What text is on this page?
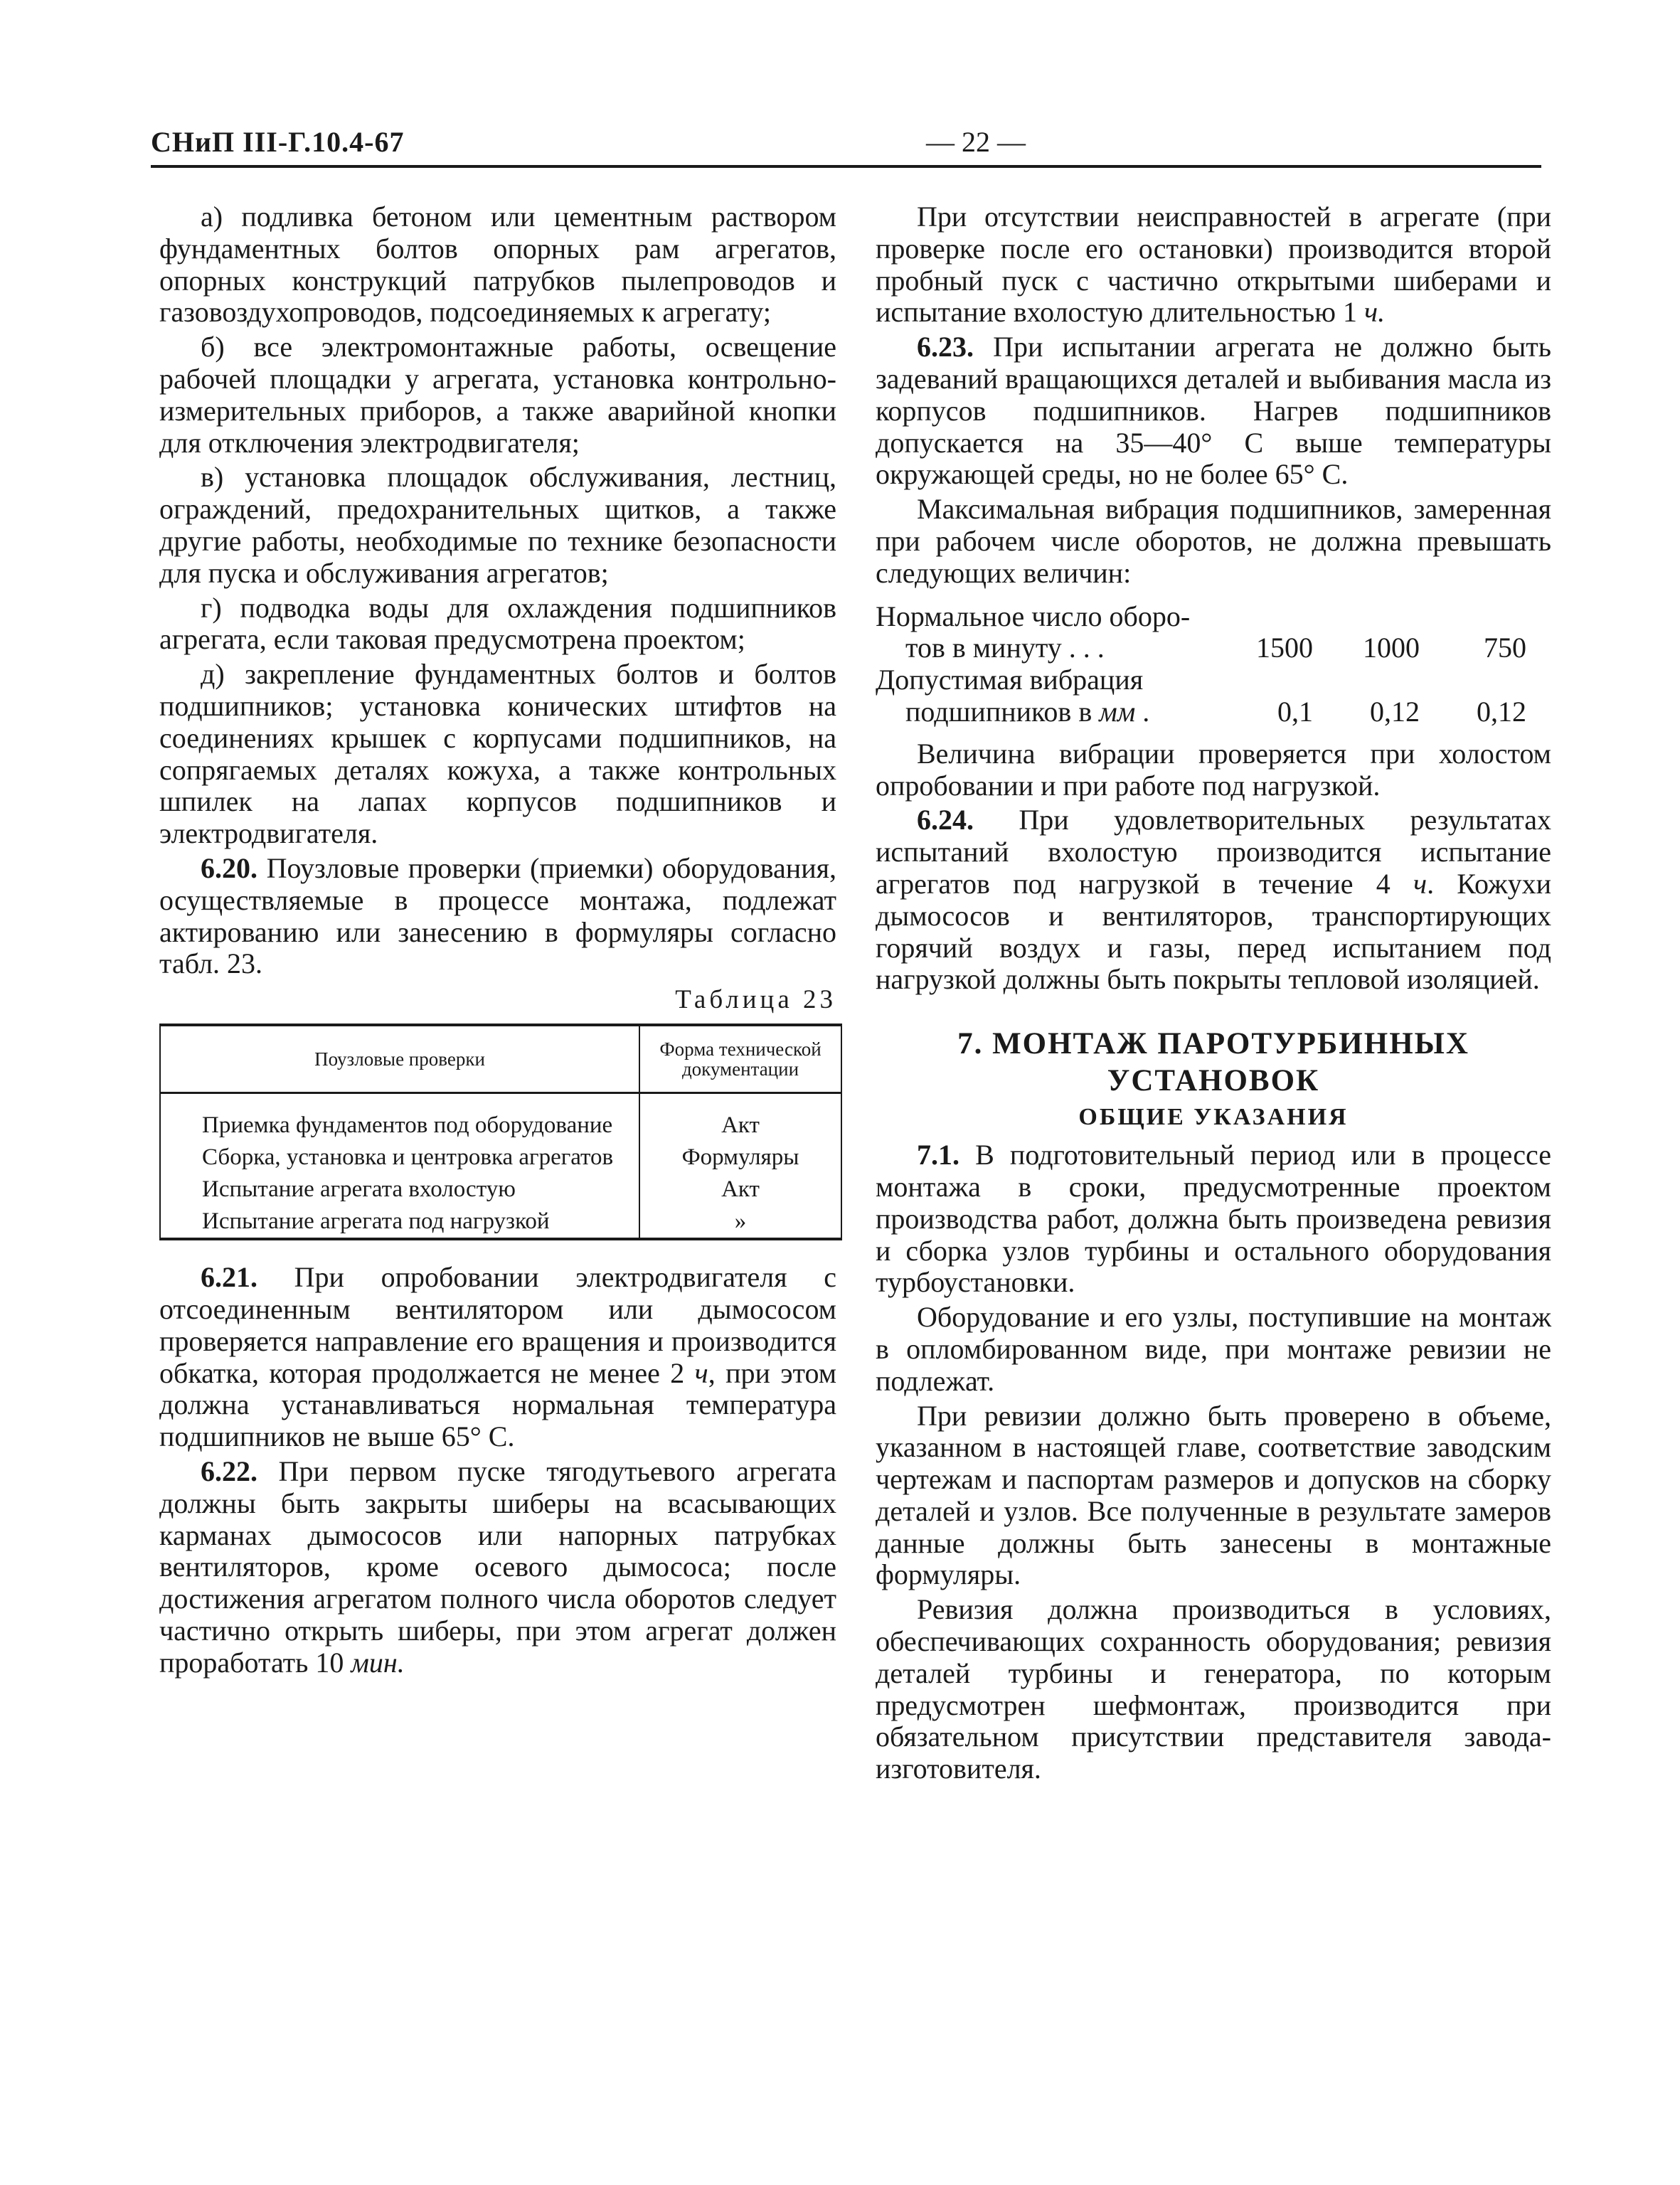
СНиП III-Г.10.4-67	— 22 —

а) подливка бетоном или цементным раствором фундаментных болтов опорных рам агрегатов, опорных конструкций патрубков пылепроводов и газовоздухопроводов, подсоединяемых к агрегату;

б) все электромонтажные работы, освещение рабочей площадки у агрегата, установка контрольно-измерительных приборов, а также аварийной кнопки для отключения электродвигателя;

в) установка площадок обслуживания, лестниц, ограждений, предохранительных щитков, а также другие работы, необходимые по технике безопасности для пуска и обслуживания агрегатов;

г) подводка воды для охлаждения подшипников агрегата, если таковая предусмотрена проектом;

д) закрепление фундаментных болтов и болтов подшипников; установка конических штифтов на соединениях крышек с корпусами подшипников, на сопрягаемых деталях кожуха, а также контрольных шпилек на лапах корпусов подшипников и электродвигателя.

6.20. Поузловые проверки (приемки) оборудования, осуществляемые в процессе монтажа, подлежат актированию или занесению в формуляры согласно табл. 23.

Таблица 23
Поузловые проверки	Форма технической документации

Приемка фундаментов под оборудование	Акт
Сборка, установка и центровка агрегатов	Формуляры
Испытание агрегата вхолостую	Акт
Испытание агрегата под нагрузкой	»

6.21. При опробовании электродвигателя с отсоединенным вентилятором или дымососом проверяется направление его вращения и производится обкатка, которая продолжается не менее 2 ч, при этом должна устанавливаться нормальная температура подшипников не выше 65° С.

6.22. При первом пуске тягодутьевого агрегата должны быть закрыты шиберы на всасывающих карманах дымососов или напорных патрубках вентиляторов, кроме осевого дымососа; после достижения агрегатом полного числа оборотов следует частично открыть шиберы, при этом агрегат должен проработать 10 мин.

При отсутствии неисправностей в агрегате (при проверке после его остановки) производится второй пробный пуск с частично открытыми шиберами и испытание вхолостую длительностью 1 ч.

6.23. При испытании агрегата не должно быть задеваний вращающихся деталей и выбивания масла из корпусов подшипников. Нагрев подшипников допускается на 35—40° С выше температуры окружающей среды, но не более 65° С.

Максимальная вибрация подшипников, замеренная при рабочем числе оборотов, не должна превышать следующих величин:

Нормальное число оборо-
тов в минуту . . .	1500	1000	750
Допустимая вибрация
подшипников в мм .	0,1	0,12	0,12

Величина вибрации проверяется при холостом опробовании и при работе под нагрузкой.

6.24. При удовлетворительных результатах испытаний вхолостую производится испытание агрегатов под нагрузкой в течение 4 ч. Кожухи дымососов и вентиляторов, транспортирующих горячий воздух и газы, перед испытанием под нагрузкой должны быть покрыты тепловой изоляцией.

7. МОНТАЖ ПАРОТУРБИННЫХ
УСТАНОВОК
ОБЩИЕ УКАЗАНИЯ

7.1. В подготовительный период или в процессе монтажа в сроки, предусмотренные проектом производства работ, должна быть произведена ревизия и сборка узлов турбины и остального оборудования турбоустановки.

Оборудование и его узлы, поступившие на монтаж в опломбированном виде, при монтаже ревизии не подлежат.

При ревизии должно быть проверено в объеме, указанном в настоящей главе, соответствие заводским чертежам и паспортам размеров и допусков на сборку деталей и узлов. Все полученные в результате замеров данные должны быть занесены в монтажные формуляры.

Ревизия должна производиться в условиях, обеспечивающих сохранность оборудования; ревизия деталей турбины и генератора, по которым предусмотрен шефмонтаж, производится при обязательном присутствии представителя завода-изготовителя.
